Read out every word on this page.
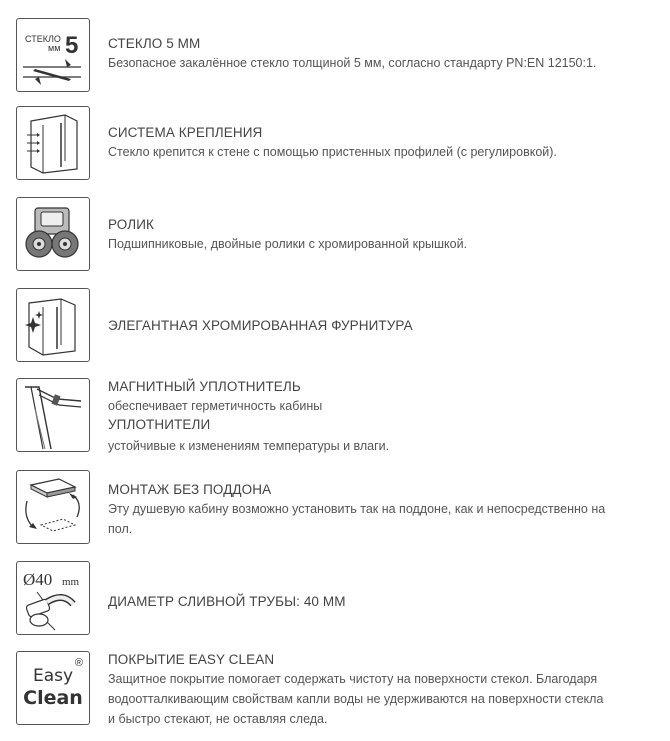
СТЕКЛО
мм 5 СТЕКЛО 5 ММ
Безопасное закалённое стекло толщиной 5 мм, согласно стандарту PN:EN 12150:1.
СИСТЕМА КРЕПЛЕНИЯ
Стекло крепится к стене с помощью пристенных профилей (с регулировкой).
РОЛИК
Подшипниковые, двойные ролики с хромированной крышкой.
ЭЛЕГАНТНАЯ ХРОМИРОВАННАЯ ФУРНИТУРА
МАГНИТНЫЙ УПЛОТНИТЕЛЬ
обеспечивает герметичность кабины
УПЛОТНИТЕЛИ
устойчивые к изменениям температуры и влаги.
МОНТАЖ БЕЗ ПОДДОНА
Эту душевую кабину возможно установить так на поддоне, как и непосредственно на
пол.
Ø40 mm
ДИАМЕТР СЛИВНОЙ ТРУБЫ: 40 ММ
®
Easy
Clean
ПОКРЫТИЕ EASY CLEAN
Защитное покрытие помогает содержать чистоту на поверхности стекол. Благодаря
водоотталкивающим свойствам капли воды не удерживаются на поверхности стекла
и быстро стекают, не оставляя следа.
